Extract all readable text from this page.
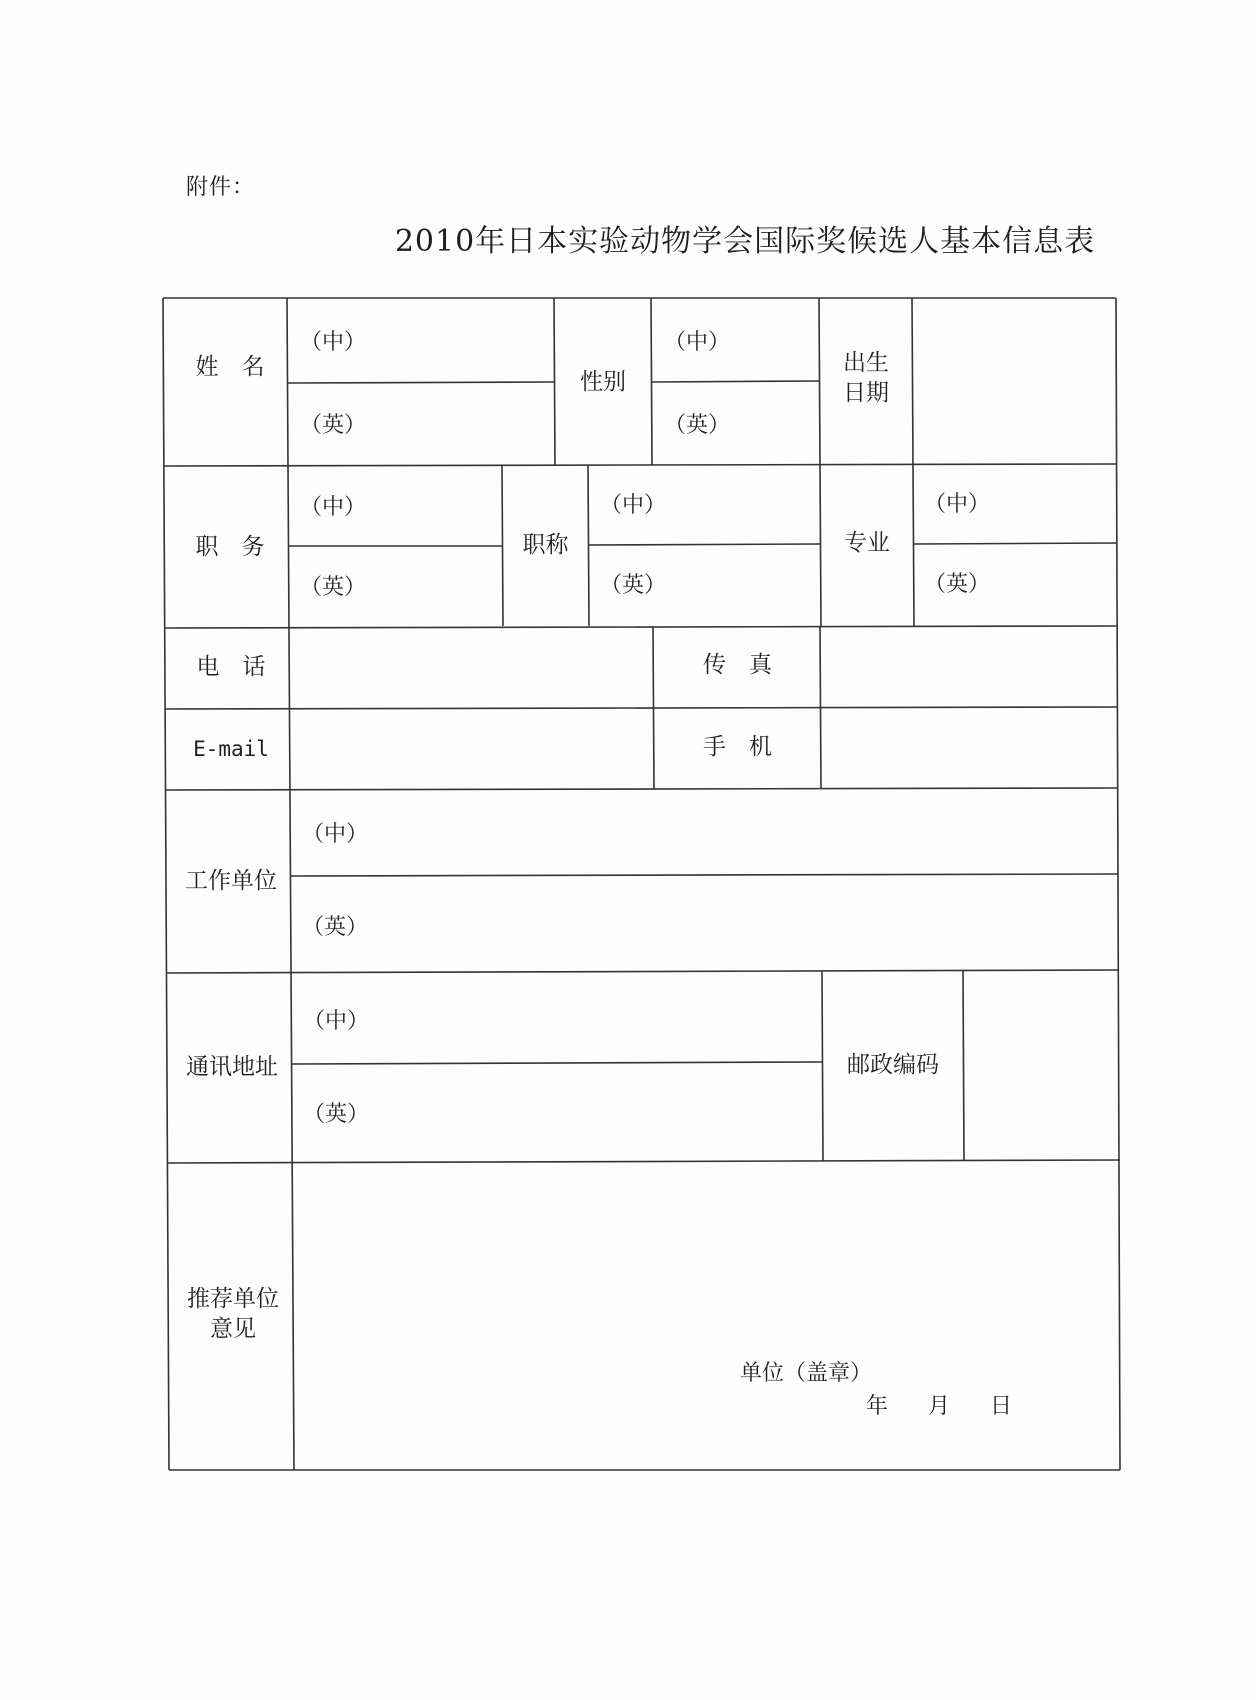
附件：
2010年日本实验动物学会国际奖候选人基本信息表
姓　名
（中）
（英）
性别
（中）
（英）
出生
日期
职　务
（中）
（英）
职称
（中）
（英）
专业
（中）
（英）
电　话	传　真
E-mail	手　机
工作单位
（中）
（英）
通讯地址
（中）
（英）
邮政编码
推荐单位
意见
单位（盖章）
年 月 日
